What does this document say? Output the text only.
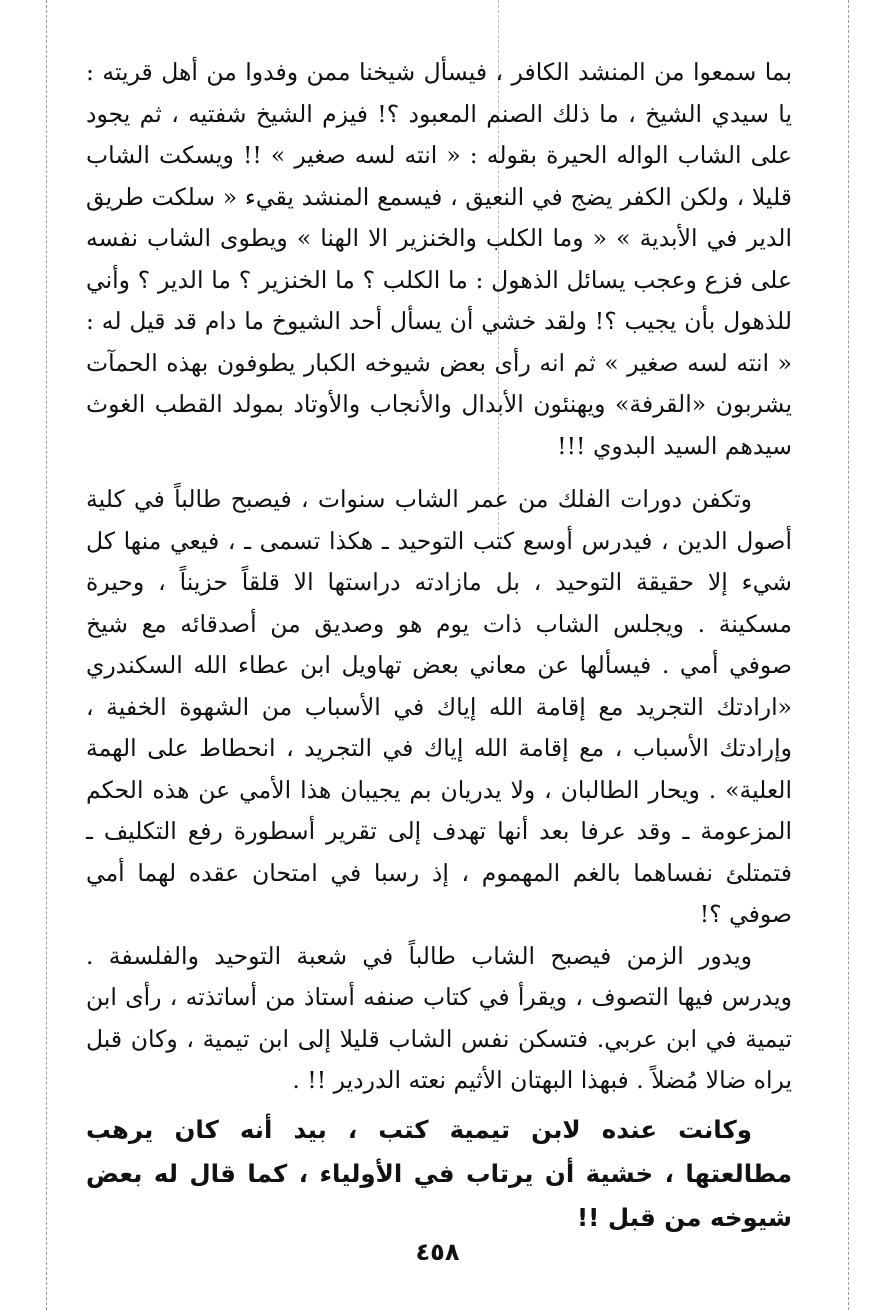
بما سمعوا من المنشد الكافر ، فيسأل شيخنا ممن وفدوا من أهل قريته : يا سيدي الشيخ ، ما ذلك الصنم المعبود ؟! فيزم الشيخ شفتيه ، ثم يجود على الشاب الواله الحيرة بقوله : « انته لسه صغير » !! ويسكت الشاب قليلا ، ولكن الكفر يضج في النعيق ، فيسمع المنشد يقيء « سلكت طريق الدير في الأبدية » « وما الكلب والخنزير الا الهنا » ويطوى الشاب نفسه على فزع وعجب يسائل الذهول : ما الكلب ؟ ما الخنزير ؟ ما الدير ؟ وأني للذهول بأن يجيب ؟! ولقد خشي أن يسأل أحد الشيوخ ما دام قد قيل له : « انته لسه صغير » ثم انه رأى بعض شيوخه الكبار يطوفون بهذه الحمآت يشربون «القرفة» ويهنئون الأبدال والأنجاب والأوتاد بمولد القطب الغوث سيدهم السيد البدوي !!!

وتكفن دورات الفلك من عمر الشاب سنوات ، فيصبح طالباً في كلية أصول الدين ، فيدرس أوسع كتب التوحيد ـ هكذا تسمى ـ ، فيعي منها كل شيء إلا حقيقة التوحيد ، بل مازادته دراستها الا قلقاً حزيناً ، وحيرة مسكينة . ويجلس الشاب ذات يوم هو وصديق من أصدقائه مع شيخ صوفي أمي . فيسألها عن معاني بعض تهاويل ابن عطاء الله السكندري «ارادتك التجريد مع إقامة الله إياك في الأسباب من الشهوة الخفية ، وإرادتك الأسباب ، مع إقامة الله إياك في التجريد ، انحطاط على الهمة العلية» . ويحار الطالبان ، ولا يدريان بم يجيبان هذا الأمي عن هذه الحكم المزعومة ـ وقد عرفا بعد أنها تهدف إلى تقرير أسطورة رفع التكليف ـ فتمتلئ نفساهما بالغم المهموم ، إذ رسبا في امتحان عقده لهما أمي صوفي ؟!

ويدور الزمن فيصبح الشاب طالباً في شعبة التوحيد والفلسفة . ويدرس فيها التصوف ، ويقرأ في كتاب صنفه أستاذ من أساتذته ، رأى ابن تيمية في ابن عربي. فتسكن نفس الشاب قليلا إلى ابن تيمية ، وكان قبل يراه ضالا مُضلاً . فبهذا البهتان الأثيم نعته الدردير !! .

وكانت عنده لابن تيمية كتب ، بيد أنه كان يرهب مطالعتها ، خشية أن يرتاب في الأولياء ، كما قال له بعض شيوخه من قبل !!

٤٥٨
